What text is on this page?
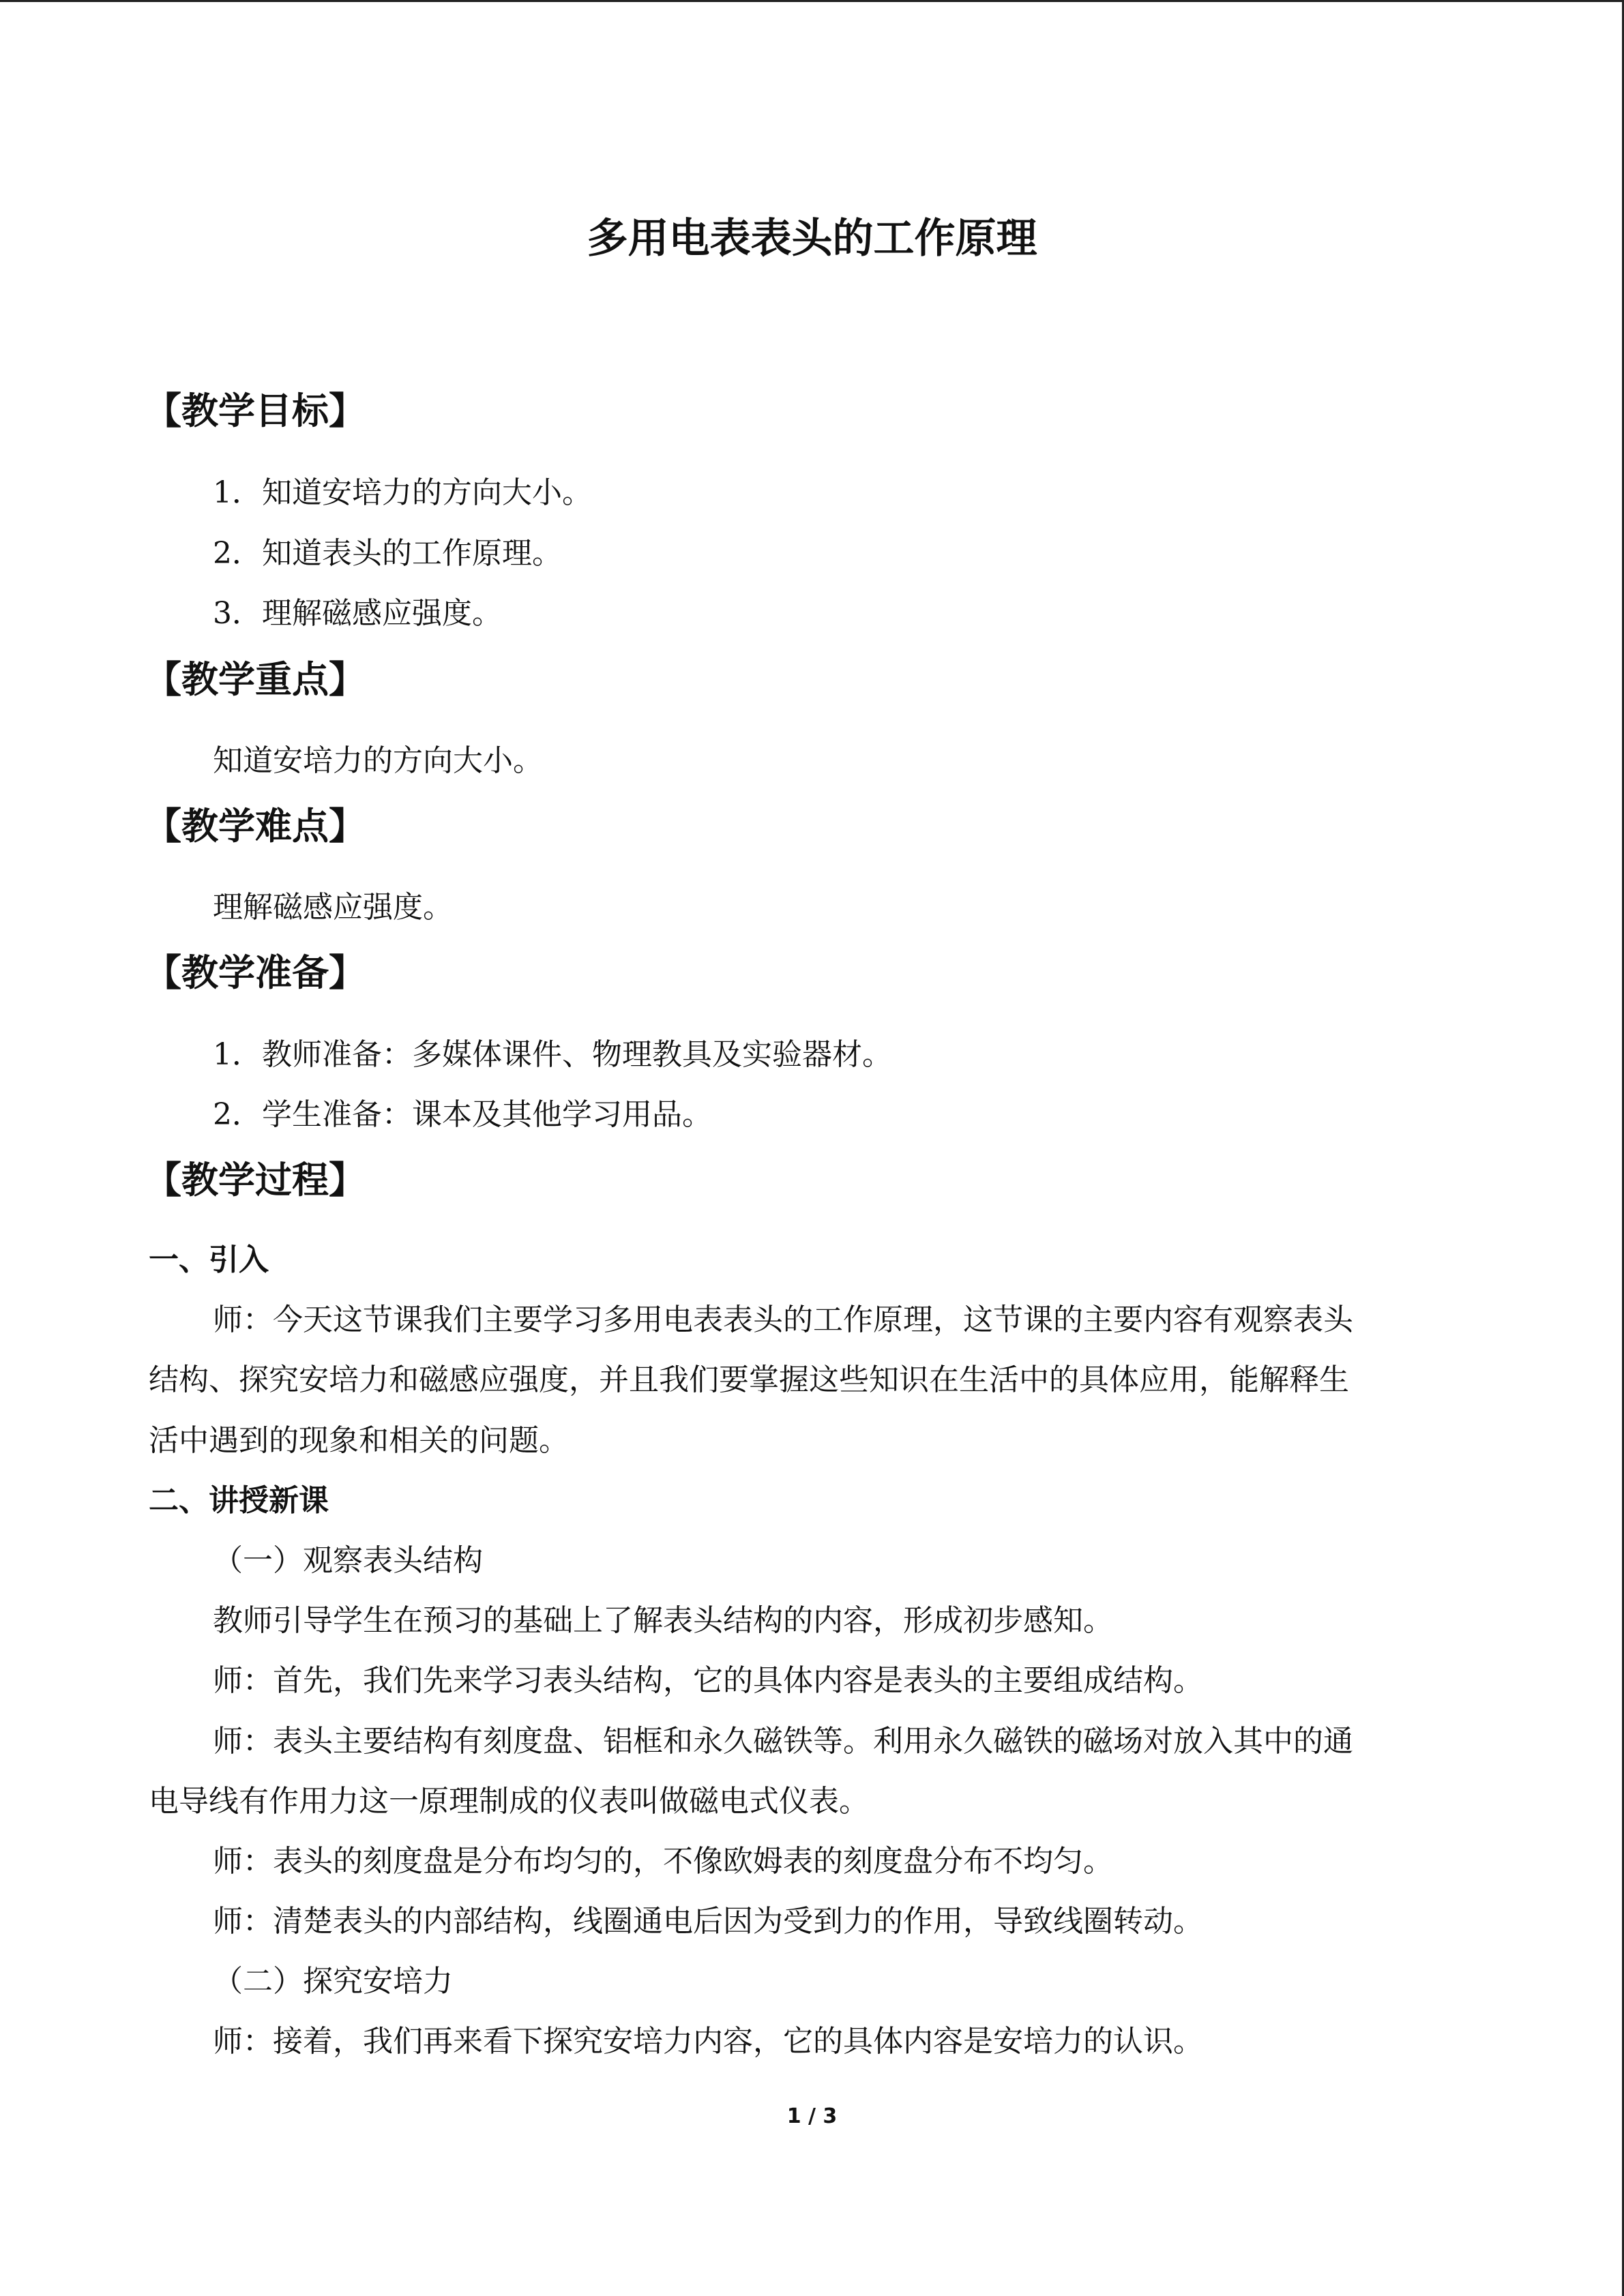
多用电表表头的工作原理
【教学目标】
1．知道安培力的方向大小。
2．知道表头的工作原理。
3．理解磁感应强度。
【教学重点】
知道安培力的方向大小。
【教学难点】
理解磁感应强度。
【教学准备】
1．教师准备：多媒体课件、物理教具及实验器材。
2．学生准备：课本及其他学习用品。
【教学过程】
一、引入
师：今天这节课我们主要学习多用电表表头的工作原理，这节课的主要内容有观察表头
结构、探究安培力和磁感应强度，并且我们要掌握这些知识在生活中的具体应用，能解释生
活中遇到的现象和相关的问题。
二、讲授新课
（一）观察表头结构
教师引导学生在预习的基础上了解表头结构的内容，形成初步感知。
师：首先，我们先来学习表头结构，它的具体内容是表头的主要组成结构。
师：表头主要结构有刻度盘、铝框和永久磁铁等。利用永久磁铁的磁场对放入其中的通
电导线有作用力这一原理制成的仪表叫做磁电式仪表。
师：表头的刻度盘是分布均匀的，不像欧姆表的刻度盘分布不均匀。
师：清楚表头的内部结构，线圈通电后因为受到力的作用，导致线圈转动。
（二）探究安培力
师：接着，我们再来看下探究安培力内容，它的具体内容是安培力的认识。
1 / 3
